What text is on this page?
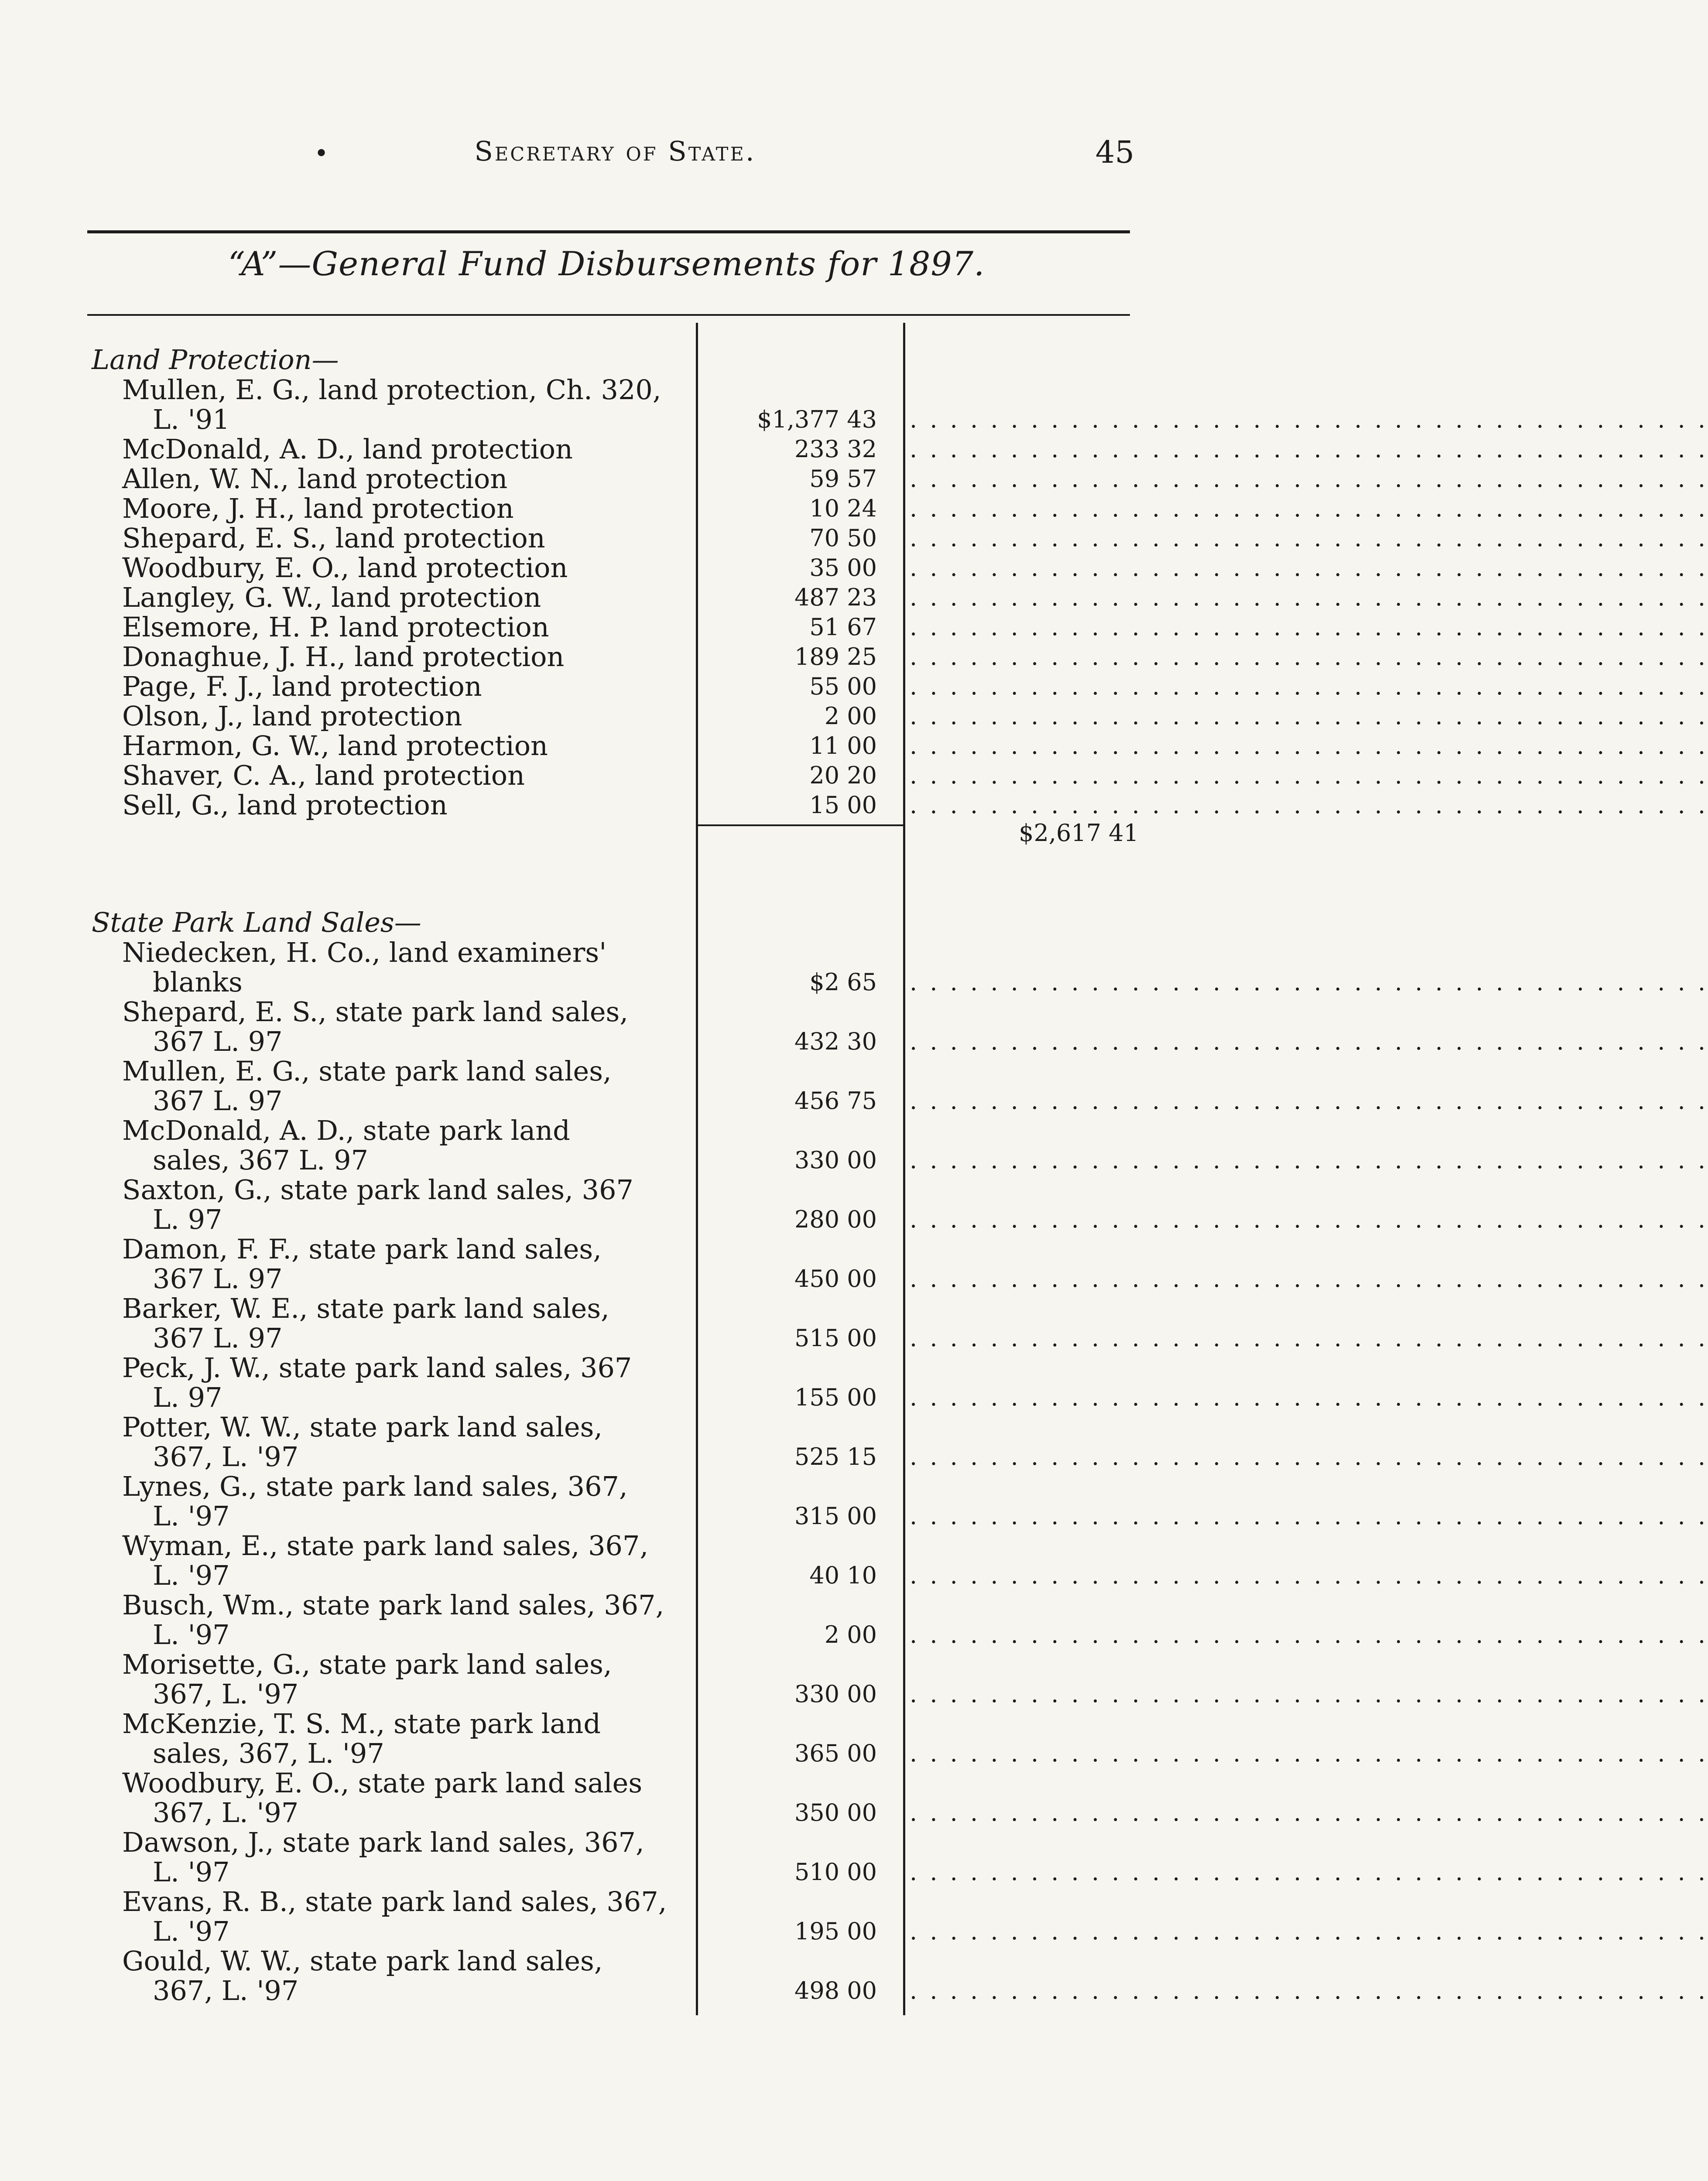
•	Secretary of State.	45
“A”—General Fund Disbursements for 1897.
Land Protection—
Mullen, E. G., land protection, Ch. 320,
L. '91	$1,377 43 . . . . . . . . . . . . . . . . . . . . . . . . . . . . . . . . . . . . . . . .
McDonald, A. D., land protection	233 32 . . . . . . . . . . . . . . . . . . . . . . . . . . . . . . . . . . . . . . . .
Allen, W. N., land protection	59 57 . . . . . . . . . . . . . . . . . . . . . . . . . . . . . . . . . . . . . . . .
Moore, J. H., land protection	10 24 . . . . . . . . . . . . . . . . . . . . . . . . . . . . . . . . . . . . . . . .
Shepard, E. S., land protection	70 50 . . . . . . . . . . . . . . . . . . . . . . . . . . . . . . . . . . . . . . . .
Woodbury, E. O., land protection	35 00 . . . . . . . . . . . . . . . . . . . . . . . . . . . . . . . . . . . . . . . .
Langley, G. W., land protection	487 23 . . . . . . . . . . . . . . . . . . . . . . . . . . . . . . . . . . . . . . . .
Elsemore, H. P. land protection	51 67 . . . . . . . . . . . . . . . . . . . . . . . . . . . . . . . . . . . . . . . .
Donaghue, J. H., land protection	189 25 . . . . . . . . . . . . . . . . . . . . . . . . . . . . . . . . . . . . . . . .
Page, F. J., land protection	55 00 . . . . . . . . . . . . . . . . . . . . . . . . . . . . . . . . . . . . . . . .
Olson, J., land protection	2 00 . . . . . . . . . . . . . . . . . . . . . . . . . . . . . . . . . . . . . . . .
Harmon, G. W., land protection	11 00 . . . . . . . . . . . . . . . . . . . . . . . . . . . . . . . . . . . . . . . .
Shaver, C. A., land protection	20 20 . . . . . . . . . . . . . . . . . . . . . . . . . . . . . . . . . . . . . . . .
Sell, G., land protection	15 00 . . . . . . . . . . . . . . . . . . . . . . . . . . . . . . . . . . . . . . . .
$2,617 41
State Park Land Sales—
Niedecken, H. Co., land examiners'
blanks	$2 65 . . . . . . . . . . . . . . . . . . . . . . . . . . . . . . . . . . . . . . . .
Shepard, E. S., state park land sales,
367 L. 97	432 30 . . . . . . . . . . . . . . . . . . . . . . . . . . . . . . . . . . . . . . . .
Mullen, E. G., state park land sales,
367 L. 97	456 75 . . . . . . . . . . . . . . . . . . . . . . . . . . . . . . . . . . . . . . . .
McDonald, A. D., state park land
sales, 367 L. 97	330 00 . . . . . . . . . . . . . . . . . . . . . . . . . . . . . . . . . . . . . . . .
Saxton, G., state park land sales, 367
L. 97	280 00 . . . . . . . . . . . . . . . . . . . . . . . . . . . . . . . . . . . . . . . .
Damon, F. F., state park land sales,
367 L. 97	450 00 . . . . . . . . . . . . . . . . . . . . . . . . . . . . . . . . . . . . . . . .
Barker, W. E., state park land sales,
367 L. 97	515 00 . . . . . . . . . . . . . . . . . . . . . . . . . . . . . . . . . . . . . . . .
Peck, J. W., state park land sales, 367
L. 97	155 00 . . . . . . . . . . . . . . . . . . . . . . . . . . . . . . . . . . . . . . . .
Potter, W. W., state park land sales,
367, L. '97	525 15 . . . . . . . . . . . . . . . . . . . . . . . . . . . . . . . . . . . . . . . .
Lynes, G., state park land sales, 367,
L. '97	315 00 . . . . . . . . . . . . . . . . . . . . . . . . . . . . . . . . . . . . . . . .
Wyman, E., state park land sales, 367,
L. '97	40 10 . . . . . . . . . . . . . . . . . . . . . . . . . . . . . . . . . . . . . . . .
Busch, Wm., state park land sales, 367,
L. '97	2 00 . . . . . . . . . . . . . . . . . . . . . . . . . . . . . . . . . . . . . . . .
Morisette, G., state park land sales,
367, L. '97	330 00 . . . . . . . . . . . . . . . . . . . . . . . . . . . . . . . . . . . . . . . .
McKenzie, T. S. M., state park land
sales, 367, L. '97	365 00 . . . . . . . . . . . . . . . . . . . . . . . . . . . . . . . . . . . . . . . .
Woodbury, E. O., state park land sales
367, L. '97	350 00 . . . . . . . . . . . . . . . . . . . . . . . . . . . . . . . . . . . . . . . .
Dawson, J., state park land sales, 367,
L. '97	510 00 . . . . . . . . . . . . . . . . . . . . . . . . . . . . . . . . . . . . . . . .
Evans, R. B., state park land sales, 367,
L. '97	195 00 . . . . . . . . . . . . . . . . . . . . . . . . . . . . . . . . . . . . . . . .
Gould, W. W., state park land sales,
367, L. '97	498 00 . . . . . . . . . . . . . . . . . . . . . . . . . . . . . . . . . . . . . . . .
